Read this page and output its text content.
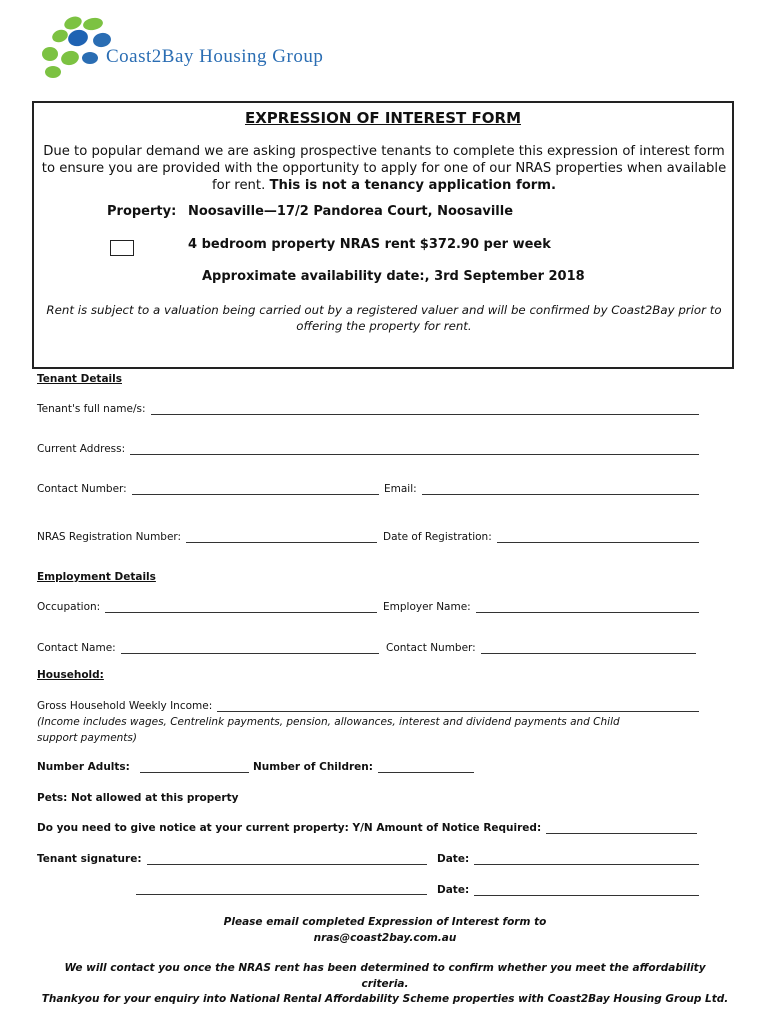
Coast2Bay Housing Group
EXPRESSION OF INTEREST FORM
Due to popular demand we are asking prospective tenants to complete this expression of interest form to ensure you are provided with the opportunity to apply for one of our NRAS properties when available for rent. This is not a tenancy application form.
Property: Noosaville—17/2 Pandorea Court, Noosaville
4 bedroom property NRAS rent $372.90 per week
Approximate availability date:, 3rd September 2018
Rent is subject to a valuation being carried out by a registered valuer and will be confirmed by Coast2Bay prior to offering the property for rent.
Tenant Details
Tenant's full name/s:
Current Address:
Contact Number:	Email:
NRAS Registration Number:	Date of Registration:
Employment Details
Occupation:	Employer Name:
Contact Name:	Contact Number:
Household:
Gross Household Weekly Income:
(Income includes wages, Centrelink payments, pension, allowances, interest and dividend payments and Child support payments)
Number Adults:	Number of Children:
Pets: Not allowed at this property
Do you need to give notice at your current property: Y/N Amount of Notice Required:
Tenant signature:	Date:
Date:
Please email completed Expression of Interest form to
nras@coast2bay.com.au
We will contact you once the NRAS rent has been determined to confirm whether you meet the affordability criteria.
Thankyou for your enquiry into National Rental Affordability Scheme properties with Coast2Bay Housing Group Ltd.
